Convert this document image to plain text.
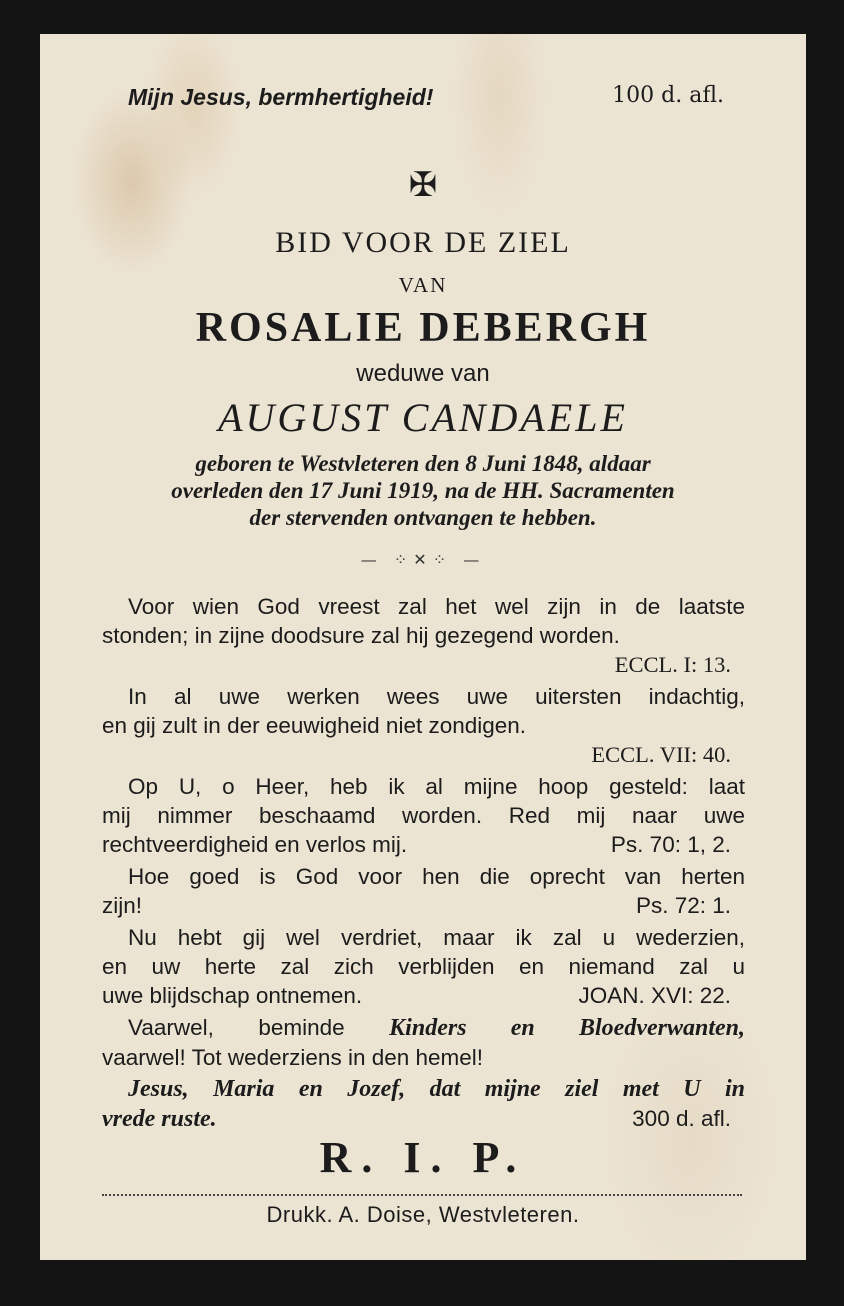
Mijn Jesus, bermhertigheid!	100 d. afl.
✠
BID VOOR DE ZIEL
VAN
ROSALIE DEBERGH
weduwe van
AUGUST CANDAELE
geboren te Westvleteren den 8 Juni 1848, aldaar
overleden den 17 Juni 1919, na de HH. Sacramenten
der stervenden ontvangen te hebben.
— ⁘✕⁘ —
Voor wien God vreest zal het wel zijn in de laatste
stonden; in zijne doodsure zal hij gezegend worden.
ECCL. I: 13.
In al uwe werken wees uwe uitersten indachtig,
en gij zult in der eeuwigheid niet zondigen.
ECCL. VII: 40.
Op U, o Heer, heb ik al mijne hoop gesteld: laat
mij nimmer beschaamd worden. Red mij naar uwe
rechtveerdigheid en verlos mij.	Ps. 70: 1, 2.
Hoe goed is God voor hen die oprecht van herten
zijn!	Ps. 72: 1.
Nu hebt gij wel verdriet, maar ik zal u wederzien,
en uw herte zal zich verblijden en niemand zal u
uwe blijdschap ontnemen.	JOAN. XVI: 22.
Vaarwel, beminde Kinders en Bloedverwanten,
vaarwel! Tot wederziens in den hemel!
Jesus, Maria en Jozef, dat mijne ziel met U in
vrede ruste.	300 d. afl.
R. I. P.
Drukk. A. Doise, Westvleteren.
